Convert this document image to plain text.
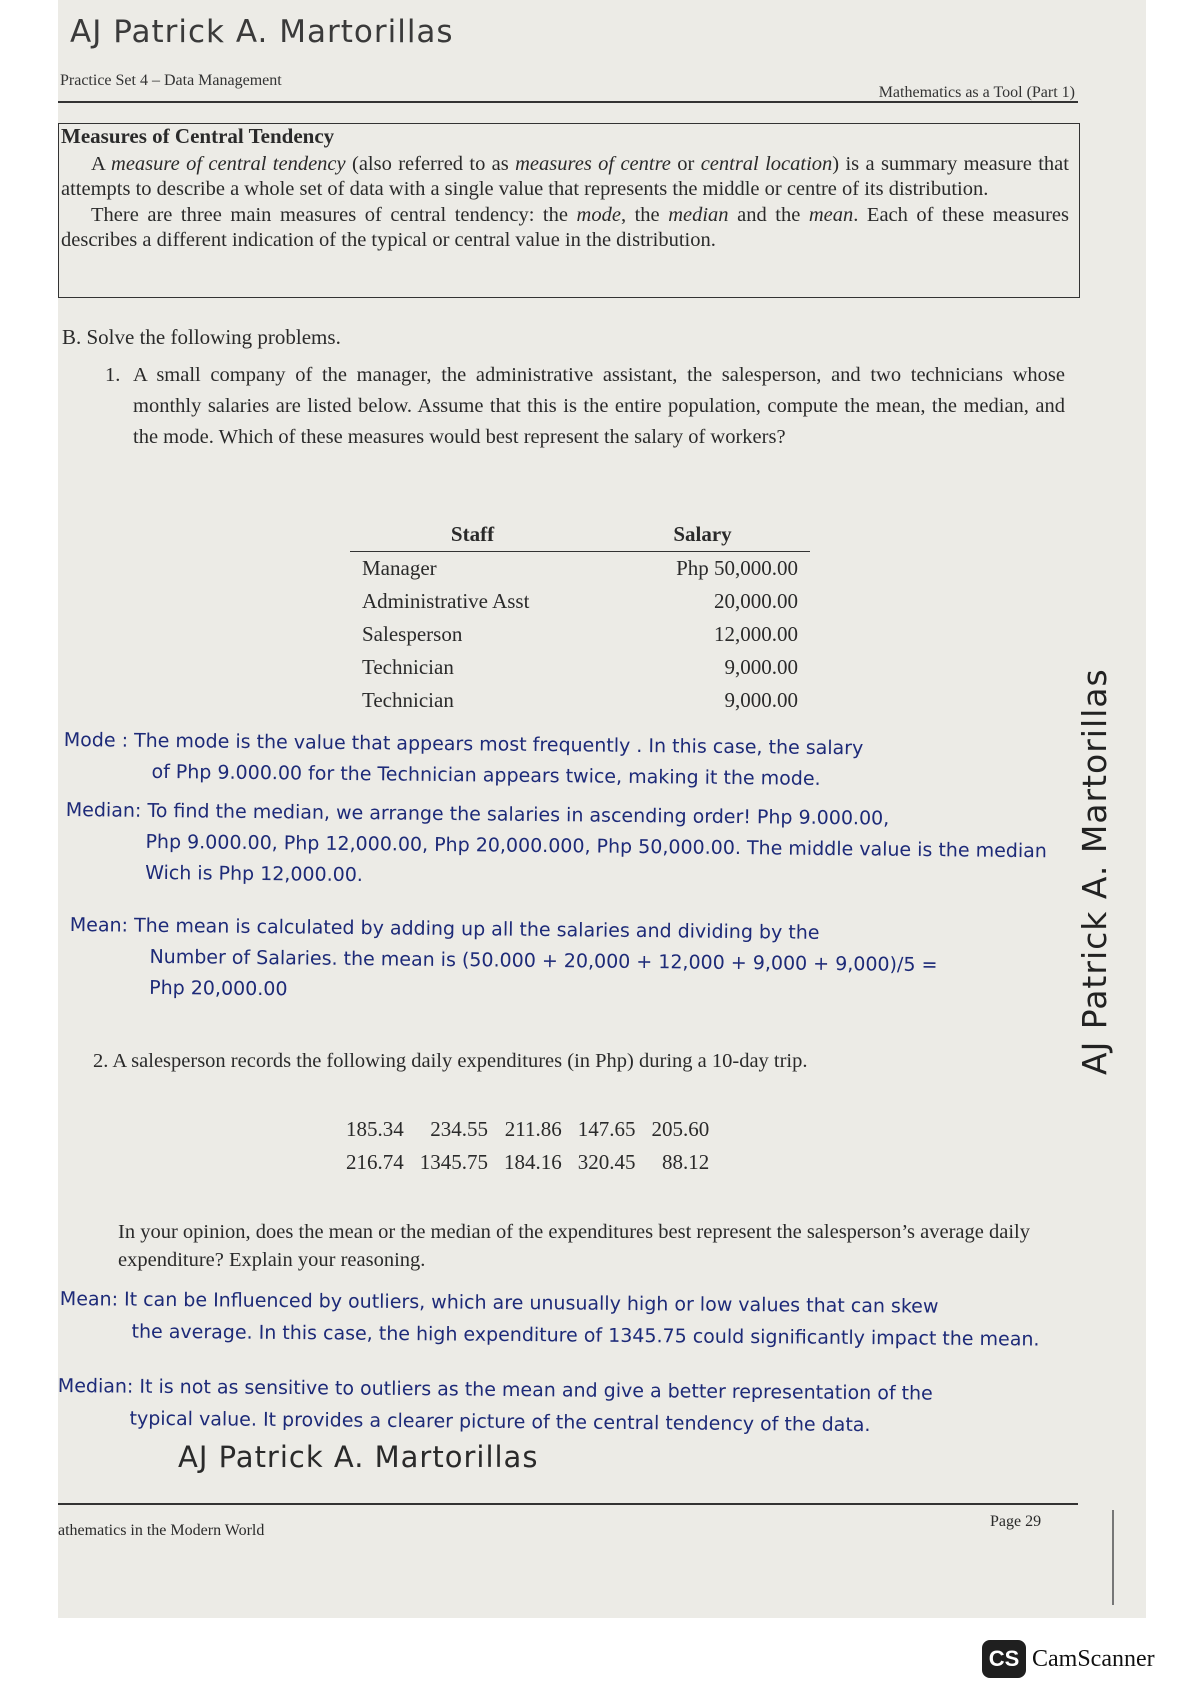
AJ Patrick A. Martorillas
Practice Set 4 – Data Management
Mathematics as a Tool (Part 1)
Measures of Central Tendency

A measure of central tendency (also referred to as measures of centre or central location) is a summary measure that attempts to describe a whole set of data with a single value that represents the middle or centre of its distribution.

There are three main measures of central tendency: the mode, the median and the mean. Each of these measures describes a different indication of the typical or central value in the distribution.

B. Solve the following problems.
1. A small company of the manager, the administrative assistant, the salesperson, and two technicians whose monthly salaries are listed below. Assume that this is the entire population, compute the mean, the median, and the mode. Which of these measures would best represent the salary of workers?
Staff	Salary
Manager	Php 50,000.00
Administrative Asst	20,000.00
Salesperson	12,000.00
Technician	9,000.00
Technician	9,000.00
Mode : The mode is the value that appears most frequently . In this case, the salary
of Php 9.000.00 for the Technician appears twice, making it the mode.
Median: To find the median, we arrange the salaries in ascending order! Php 9.000.00,
Php 9.000.00, Php 12,000.00, Php 20,000.000, Php 50,000.00. The middle value is the median
Wich is Php 12,000.00.
Mean: The mean is calculated by adding up all the salaries and dividing by the
Number of Salaries. the mean is (50.000 + 20,000 + 12,000 + 9,000 + 9,000)/5 =
Php 20,000.00
2. A salesperson records the following daily expenditures (in Php) during a 10-day trip.
185.34	234.55	211.86	147.65	205.60
216.74	1345.75	184.16	320.45	88.12
In your opinion, does the mean or the median of the expenditures best represent the salesperson’s average daily expenditure? Explain your reasoning.
Mean: It can be Influenced by outliers, which are unusually high or low values that can skew
the average. In this case, the high expenditure of 1345.75 could significantly impact the mean.
Median: It is not as sensitive to outliers as the mean and give a better representation of the
typical value. It provides a clearer picture of the central tendency of the data.
AJ Patrick A. Martorillas
athematics in the Modern World
Page 29
AJ Patrick A. Martorillas
CS CamScanner
